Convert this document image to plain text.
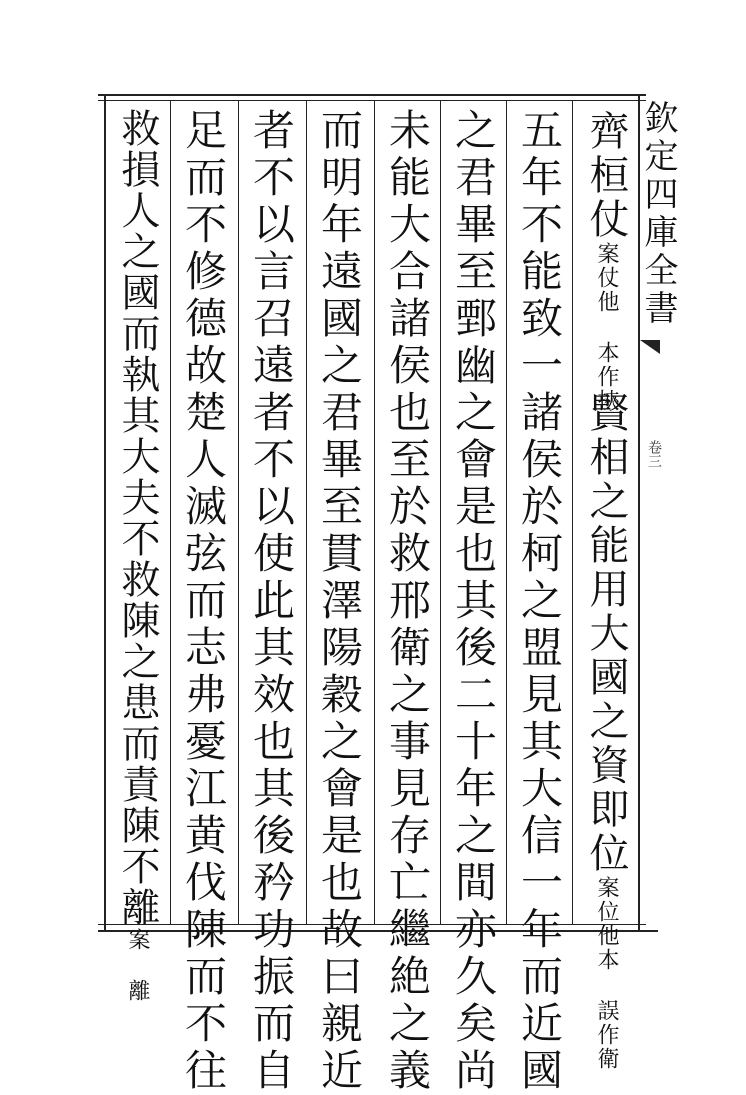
欽定四庫全書
卷三
齊桓仗案仗他 本作挾賢相之能用大國之資即位案位他本 誤作衛
五年不能致一諸侯於柯之盟見其大信一年而近國
之君畢至鄄幽之會是也其後二十年之間亦久矣尚
未能大合諸侯也至於救邢衛之事見存亡繼絶之義
而明年遠國之君畢至貫澤陽穀之會是也故曰親近
者不以言召遠者不以使此其效也其後矜功振而自
足而不修德故楚人滅弦而志弗憂江黄伐陳而不往
救損人之國而執其大夫不救陳之患而責陳不離案 離
